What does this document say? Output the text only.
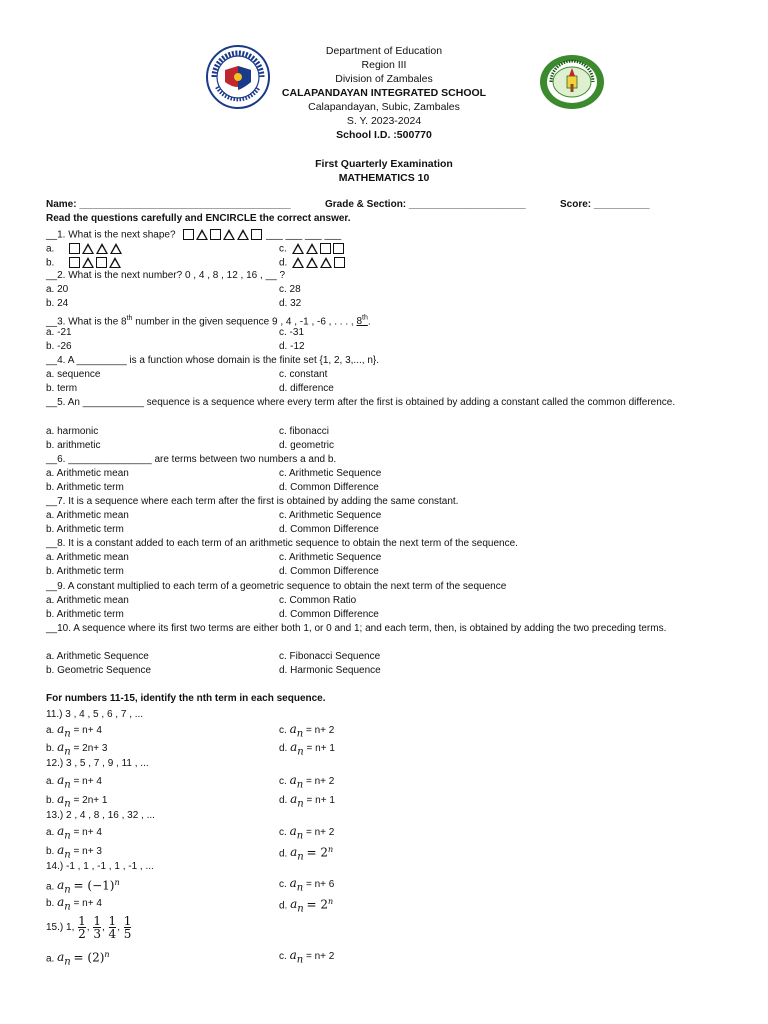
Department of Education
Region III
Division of Zambales
CALAPANDAYAN INTEGRATED SCHOOL
Calapandayan, Subic, Zambales
S. Y. 2023-2024
School I.D. :500770
First Quarterly Examination
MATHEMATICS 10
Name: ______________________________________	Grade & Section: _____________________	Score: __________
Read the questions carefully and ENCIRCLE the correct answer.
__1. What is the next shape?	___ ___ ___ ___
a.	c.
b.	d.
__2. What is the next number? 0 , 4 , 8 , 12 , 16 , __ ?
a. 20	c. 28
b. 24	d. 32
__3. What is the 8th number in the given sequence 9 , 4 , -1 , -6 , . . . , 8th.
a. -21	c. -31
b. -26	d. -12
__4. A _________ is a function whose domain is the finite set {1, 2, 3,..., n}.
a. sequence	c. constant
b. term	d. difference
__5. An ___________ sequence is a sequence where every term after the first is obtained by adding a constant called the common difference.
a. harmonic	c. fibonacci
b. arithmetic	d. geometric
__6. _______________ are terms between two numbers a and b.
a. Arithmetic mean	c. Arithmetic Sequence
b. Arithmetic term	d. Common Difference
__7. It is a sequence where each term after the first is obtained by adding the same constant.
a. Arithmetic mean	c. Arithmetic Sequence
b. Arithmetic term	d. Common Difference
__8. It is a constant added to each term of an arithmetic sequence to obtain the next term of the sequence.
a. Arithmetic mean	c. Arithmetic Sequence
b. Arithmetic term	d. Common Difference
__9. A constant multiplied to each term of a geometric sequence to obtain the next term of the sequence
a. Arithmetic mean	c. Common Ratio
b. Arithmetic term	d. Common Difference
__10. A sequence where its first two terms are either both 1, or 0 and 1; and each term, then, is obtained by adding the two preceding terms.
a. Arithmetic Sequence	c. Fibonacci Sequence
b. Geometric Sequence	d. Harmonic Sequence
For numbers 11-15, identify the nth term in each sequence.
11.) 3 , 4 , 5 , 6 , 7 , ...
a. $a_n = n+ 4$	c. $a_n = n+ 2$
b. $a_n = 2n+ 3$	d. $a_n = n+ 1$
12.) 3 , 5 , 7 , 9 , 11 , ...
a. $a_n = n+ 4$	c. $a_n = n+ 2$
b. $a_n = 2n+ 1$	d. $a_n = n+ 1$
13.) 2 , 4 , 8 , 16 , 32 , ...
a. $a_n = n+ 4$	c. $a_n = n+ 2$
b. $a_n = n+ 3$	d. $a_n = 2^n$
14.) -1 , 1 , -1 , 1 , -1 , ...
a. $a_n = (-1)^n$	c. $a_n = n+ 6$
b. $a_n = n+ 4$	d. $a_n = 2^n$
15.) 1, $\frac{1}{2}$ , $\frac{1}{3}$ , $\frac{1}{4}$ , $\frac{1}{5}$
a. $a_n = (2)^n$	c. $a_n = n+ 2$
